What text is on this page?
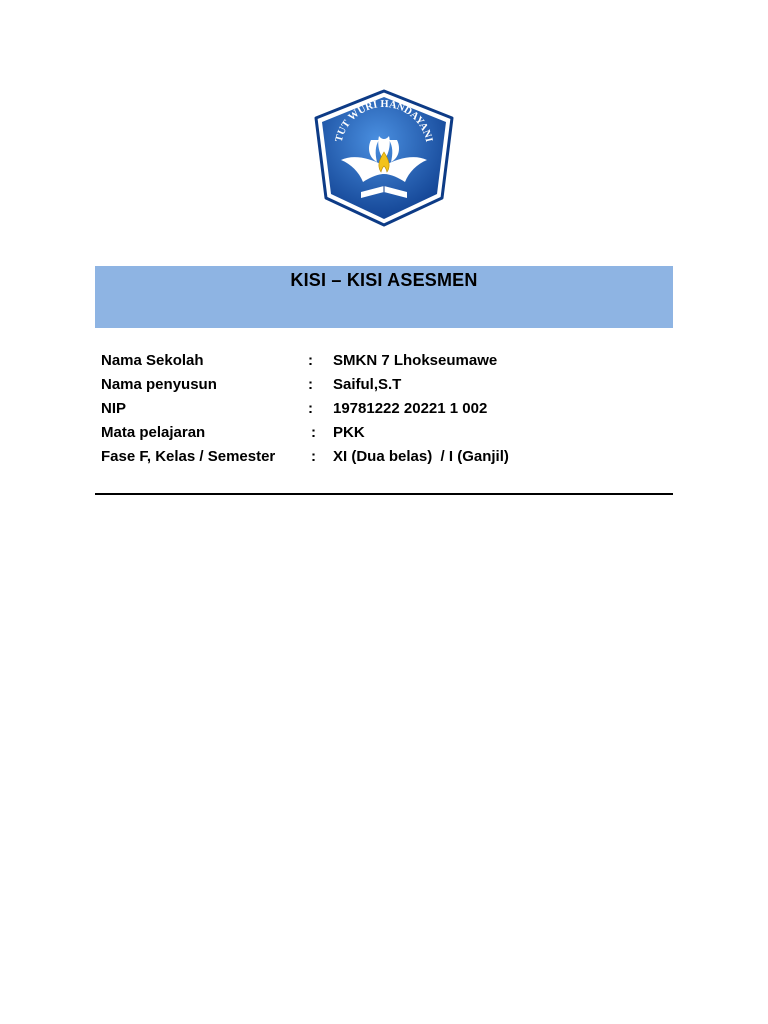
TUT WURI HANDAYANI
KISI – KISI ASESMEN
Nama Sekolah	: SMKN 7 Lhokseumawe
Nama penyusun	: Saiful,S.T
NIP	: 19781222 20221 1 002
Mata pelajaran	: PKK
Fase F, Kelas / Semester : XI (Dua belas)  / I (Ganjil)
